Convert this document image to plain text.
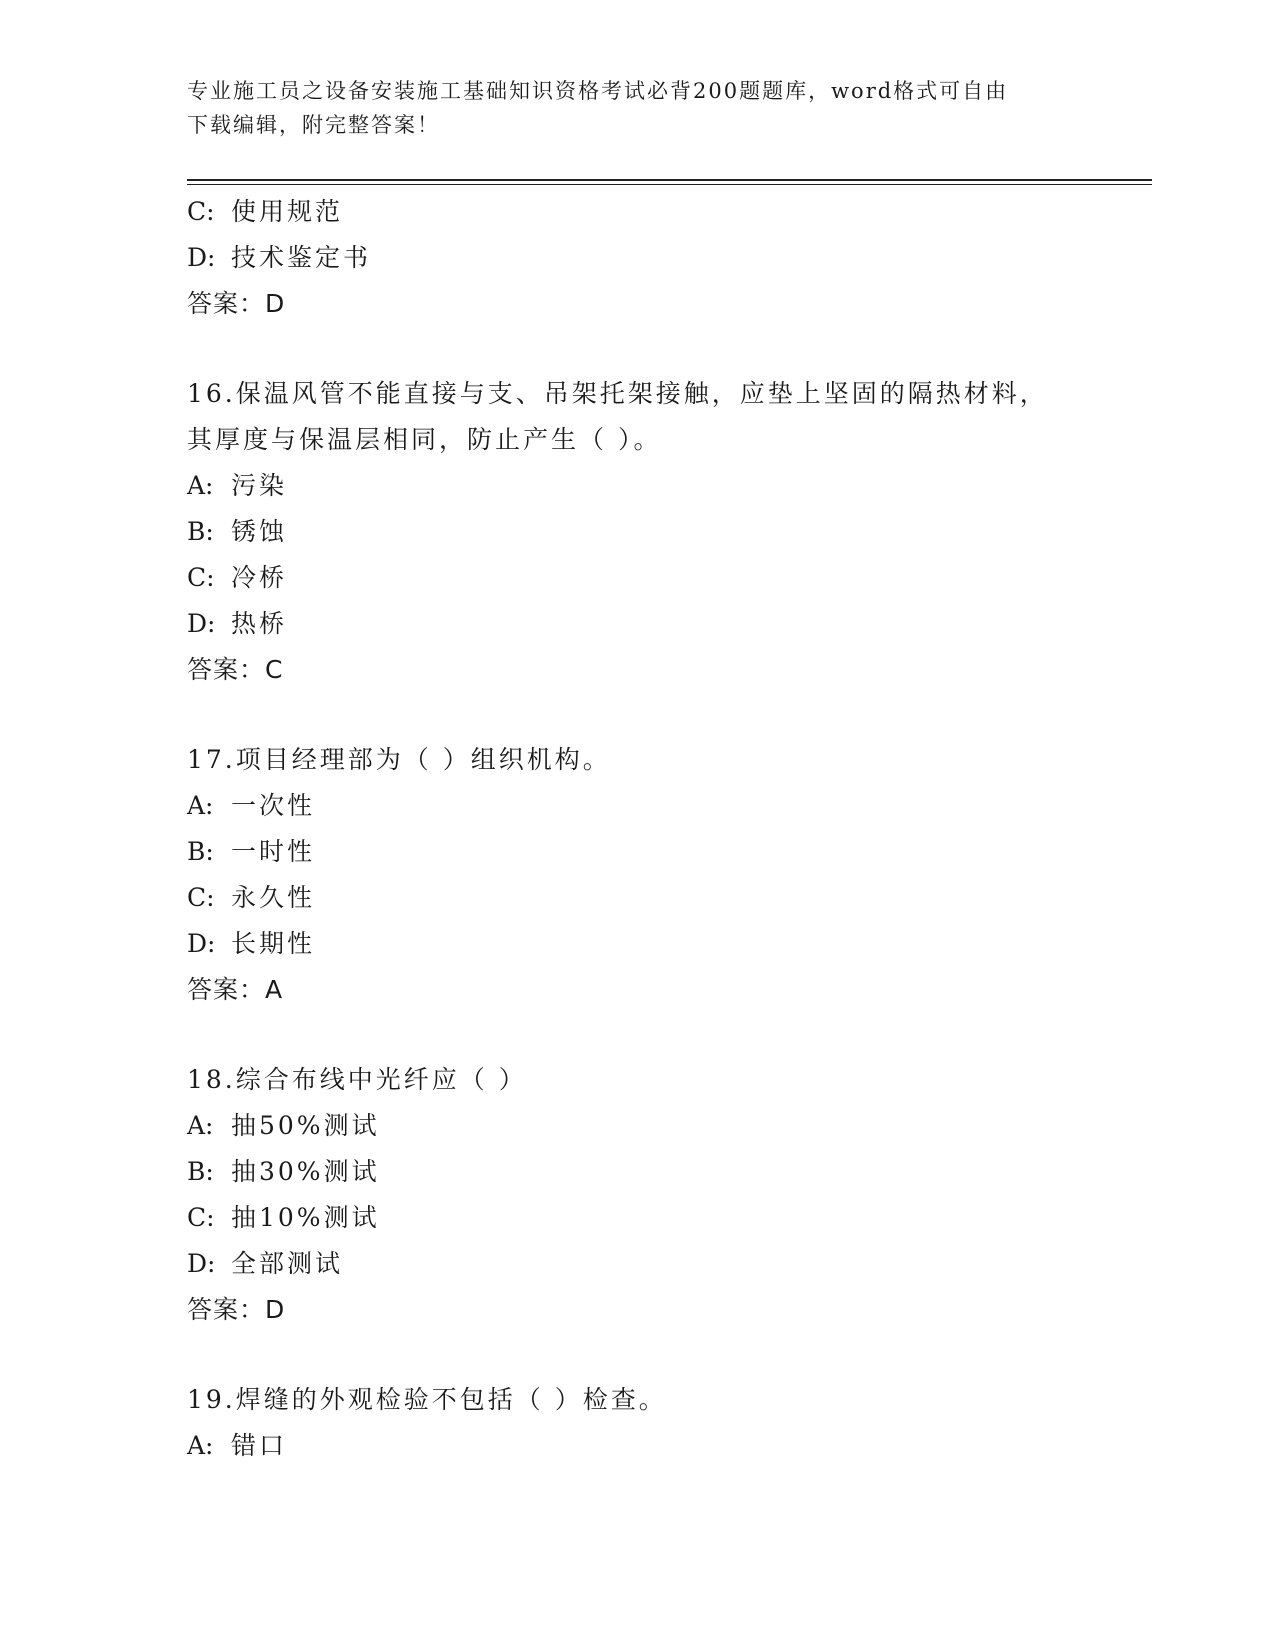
专业施工员之设备安装施工基础知识资格考试必背200题题库，word格式可自由
下载编辑，附完整答案！
C: 使用规范
D: 技术鉴定书
答案：D
16.保温风管不能直接与支、吊架托架接触，应垫上坚固的隔热材料，
其厚度与保温层相同，防止产生（ ）。
A: 污染
B: 锈蚀
C: 冷桥
D: 热桥
答案：C
17.项目经理部为（ ）组织机构。
A: 一次性
B: 一时性
C: 永久性
D: 长期性
答案：A
18.综合布线中光纤应（ ）
A: 抽50%测试
B: 抽30%测试
C: 抽10%测试
D: 全部测试
答案：D
19.焊缝的外观检验不包括（ ）检查。
A: 错口
